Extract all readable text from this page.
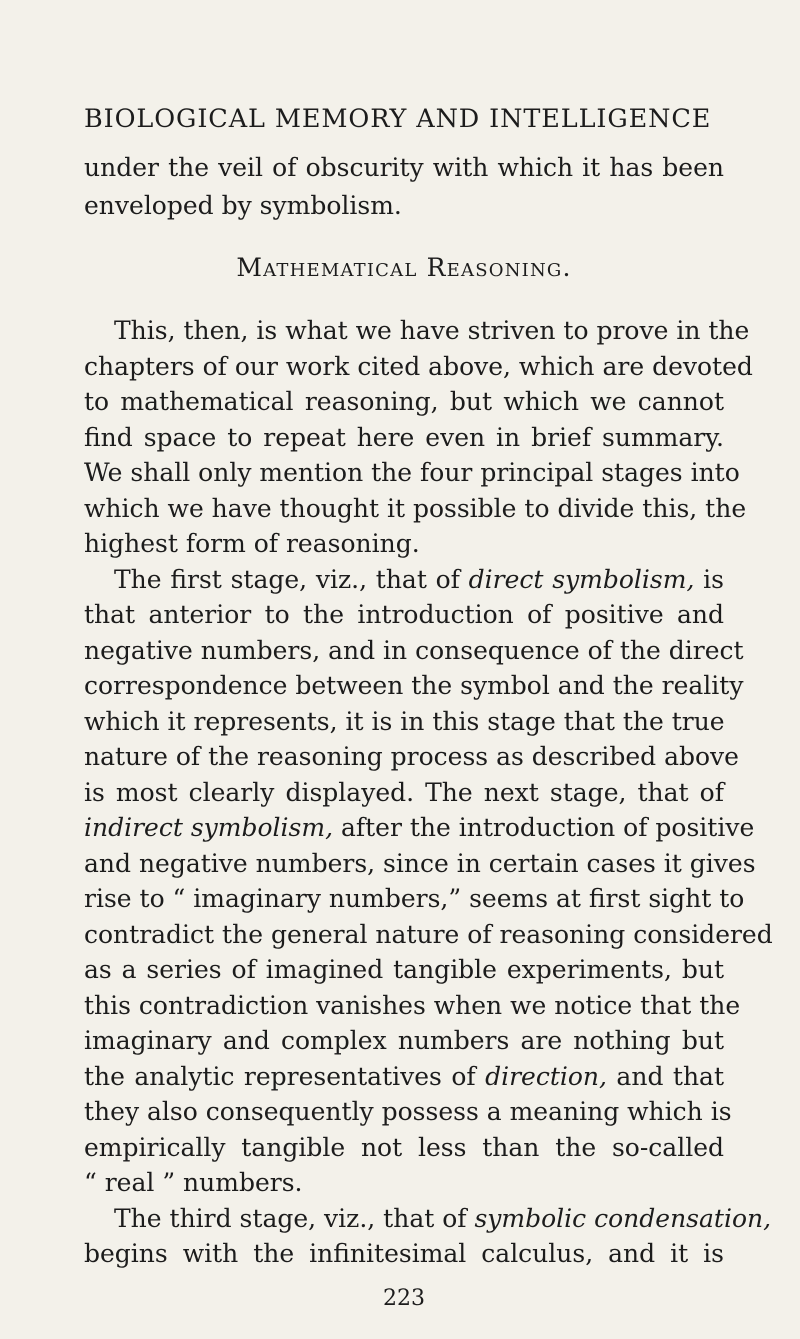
BIOLOGICAL MEMORY AND INTELLIGENCE
under the veil of obscurity with which it has been
enveloped by symbolism.
Mathematical Reasoning.
This, then, is what we have striven to prove in the
chapters of our work cited above, which are devoted
to mathematical reasoning, but which we cannot
find space to repeat here even in brief summary.
We shall only mention the four principal stages into
which we have thought it possible to divide this, the
highest form of reasoning.
The first stage, viz., that of direct symbolism, is
that anterior to the introduction of positive and
negative numbers, and in consequence of the direct
correspondence between the symbol and the reality
which it represents, it is in this stage that the true
nature of the reasoning process as described above
is most clearly displayed. The next stage, that of
indirect symbolism, after the introduction of positive
and negative numbers, since in certain cases it gives
rise to “ imaginary numbers,” seems at first sight to
contradict the general nature of reasoning considered
as a series of imagined tangible experiments, but
this contradiction vanishes when we notice that the
imaginary and complex numbers are nothing but
the analytic representatives of direction, and that
they also consequently possess a meaning which is
empirically tangible not less than the so-called
“ real ” numbers.
The third stage, viz., that of symbolic condensation,
begins with the infinitesimal calculus, and it is
223
